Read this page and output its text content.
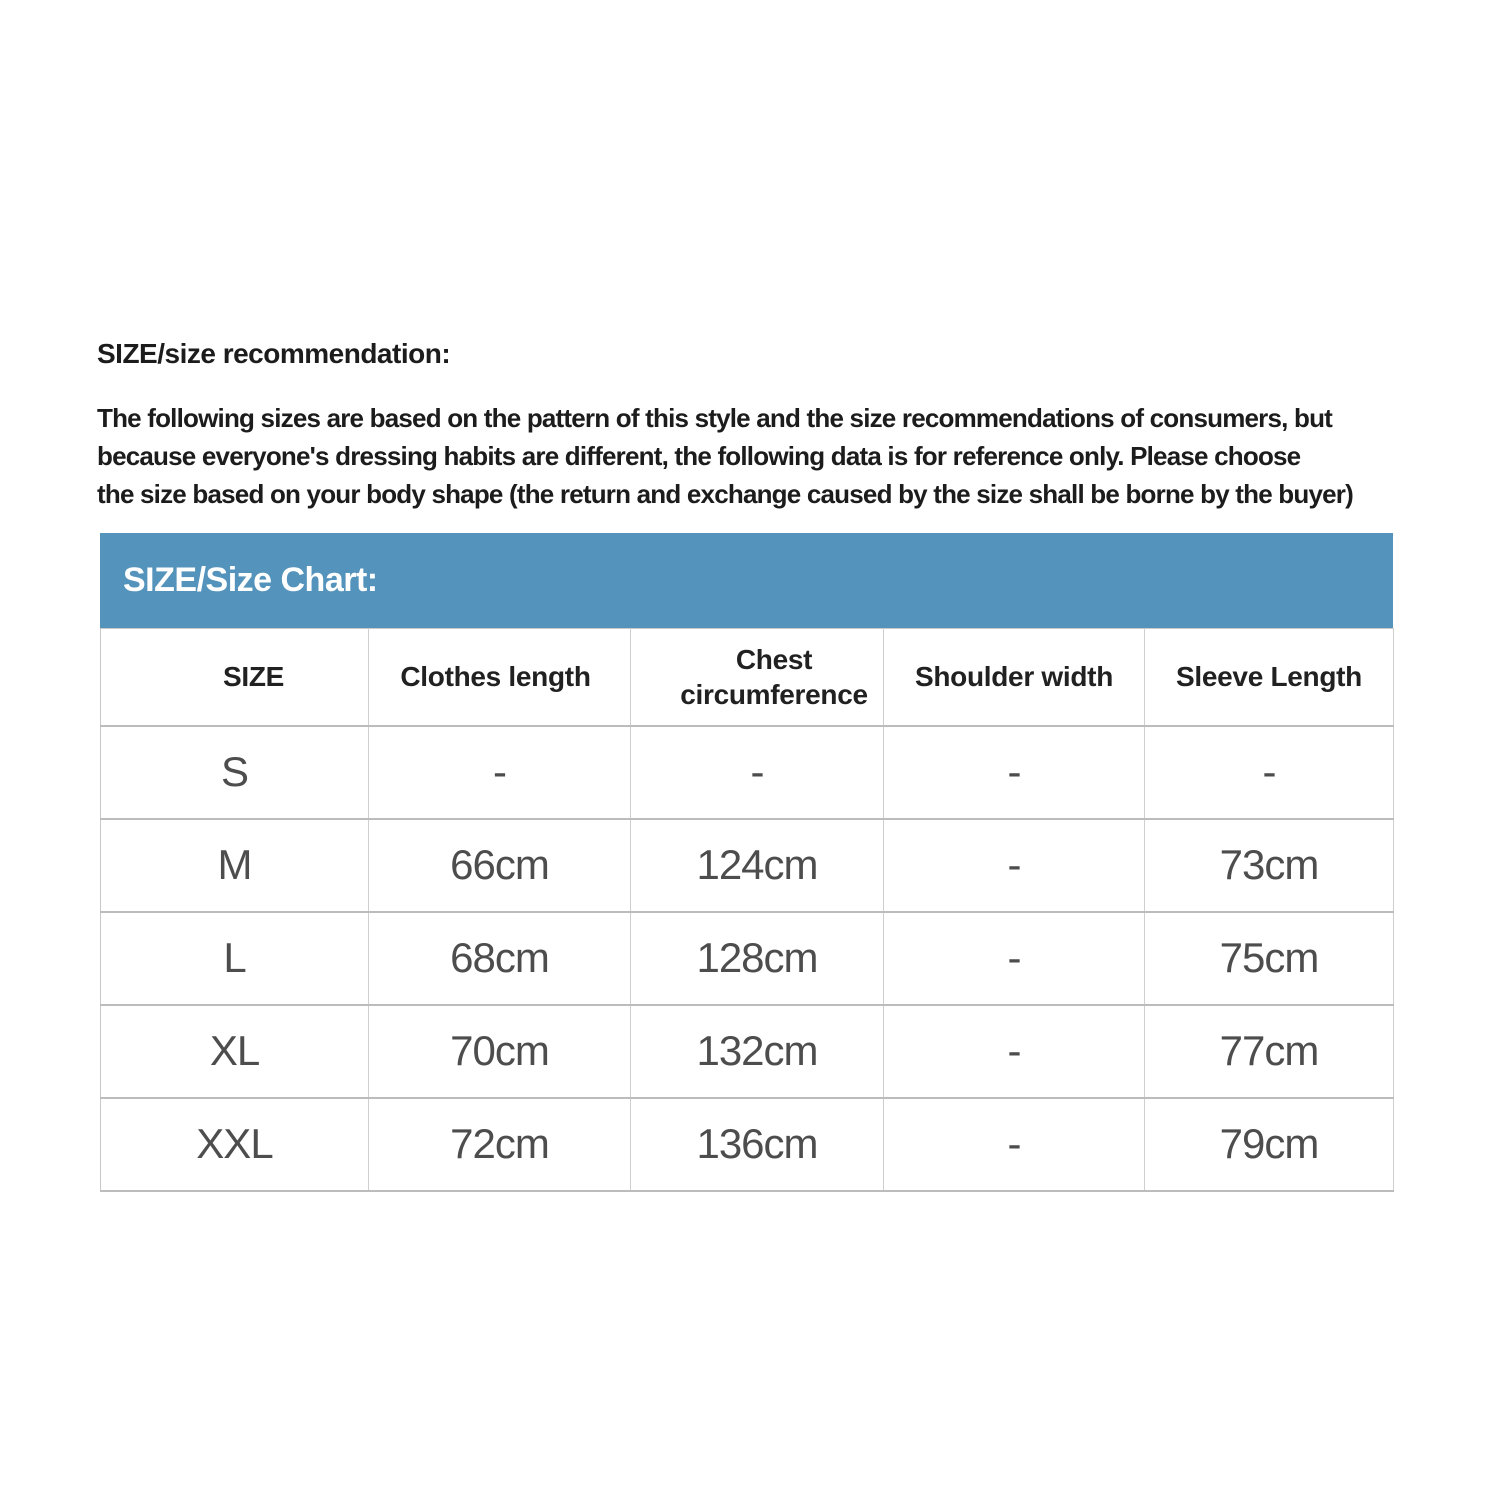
SIZE/size recommendation:
The following sizes are based on the pattern of this style and the size recommendations of consumers, but
because everyone's dressing habits are different, the following data is for reference only. Please choose
the size based on your body shape (the return and exchange caused by the size shall be borne by the buyer)
SIZE/Size Chart:
SIZE	Clothes length	Chest circumference	Shoulder width	Sleeve Length
S	-	-	-	-
M	66cm	124cm	-	73cm
L	68cm	128cm	-	75cm
XL	70cm	132cm	-	77cm
XXL	72cm	136cm	-	79cm
